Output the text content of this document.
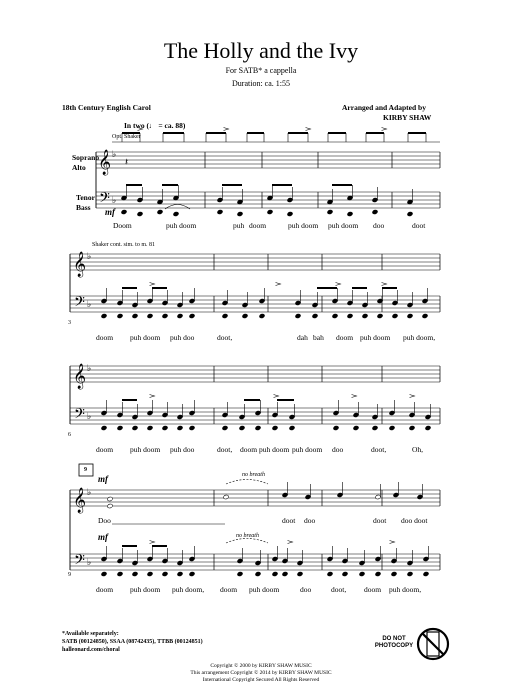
𝄞
𝄢
♭
♭
𝄽
𝄞
𝄢
♭
♭
𝄞
𝄢
♭
♭
𝄞
𝄢
♭
♭
The Holly and the Ivy
For SATB* a cappella
Duration: ca. 1:55
18th Century English Carol	Arranged and Adapted by
KIRBY SHAW
In two (♩ = ca. 88)
Opt. Shaker
Soprano
Alto
Tenor
Bass
Shaker cont. sim. to m. 81
3
6
9
9
mf
mf
mf
no breath
no breath
Doom	puh doom	puh doom	puh doom puh doom doo	doot
doom puh doom puh doo	doot,	dah bah doom puh doom puh doom,
doom puh doom puh doo	doot, doom puh doom puh doom doo	doot,	Oh,
Doo	doot doo	doot doo doot
doom puh doom puh doom, doom puh doom	doo	doot, doom puh doom,
*Available separately:
SATB (00124850), SSAA (08742435), TTBB (00124851)
halleonard.com/choral
DO NOT
PHOTOCOPY
Copyright © 2000 by KIRBY SHAW MUSIC
This arrangement Copyright © 2014 by KIRBY SHAW MUSIC
International Copyright Secured All Rights Reserved
